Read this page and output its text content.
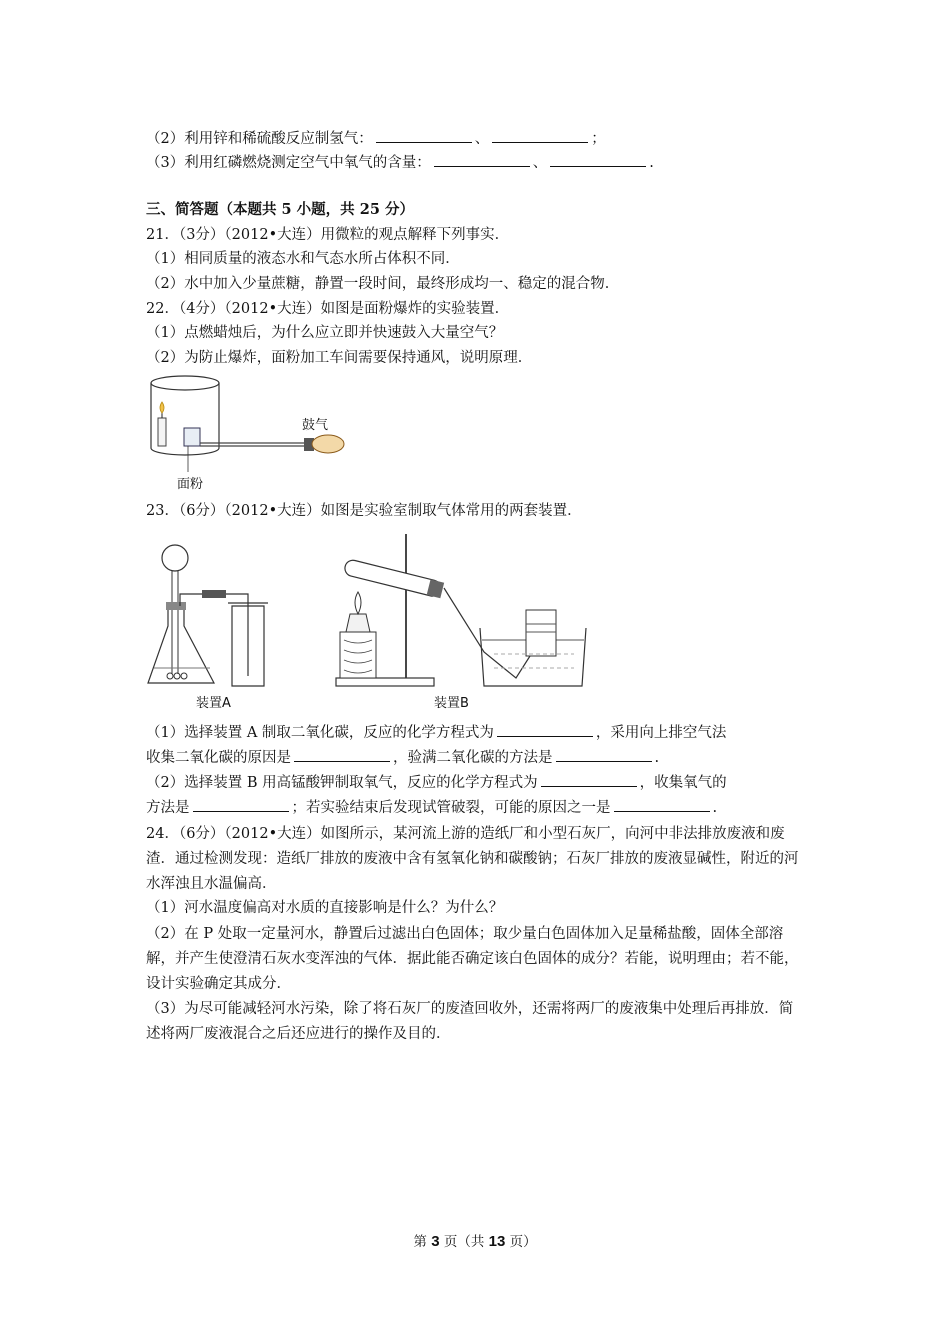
（2）利用锌和稀硫酸反应制氢气：	、	；
（3）利用红磷燃烧测定空气中氧气的含量：	、	.
三、简答题（本题共 5 小题，共 25 分）
21．（3分）（2012•大连）用微粒的观点解释下列事实．
（1）相同质量的液态水和气态水所占体积不同．
（2）水中加入少量蔗糖，静置一段时间，最终形成均一、稳定的混合物．
22．（4分）（2012•大连）如图是面粉爆炸的实验装置．
（1）点燃蜡烛后，为什么应立即并快速鼓入大量空气？
（2）为防止爆炸，面粉加工车间需要保持通风，说明原理．
鼓气
面粉
23．（6分）（2012•大连）如图是实验室制取气体常用的两套装置．
装置A	装置B
（1）选择装置 A 制取二氧化碳，反应的化学方程式为	，采用向上排空气法
收集二氧化碳的原因是	，验满二氧化碳的方法是	.
（2）选择装置 B 用高锰酸钾制取氧气，反应的化学方程式为	，收集氧气的
方法是	；若实验结束后发现试管破裂，可能的原因之一是	.
24．（6分）（2012•大连）如图所示，某河流上游的造纸厂和小型石灰厂，向河中非法排放废液和废渣．通过检测发现：造纸厂排放的废液中含有氢氧化钠和碳酸钠；石灰厂排放的废液显碱性，附近的河水浑浊且水温偏高．
（1）河水温度偏高对水质的直接影响是什么？为什么？
（2）在 P 处取一定量河水，静置后过滤出白色固体；取少量白色固体加入足量稀盐酸，固体全部溶解，并产生使澄清石灰水变浑浊的气体．据此能否确定该白色固体的成分？若能，说明理由；若不能，设计实验确定其成分．
（3）为尽可能减轻河水污染，除了将石灰厂的废渣回收外，还需将两厂的废液集中处理后再排放．简述将两厂废液混合之后还应进行的操作及目的．
第 3 页（共 13 页）
